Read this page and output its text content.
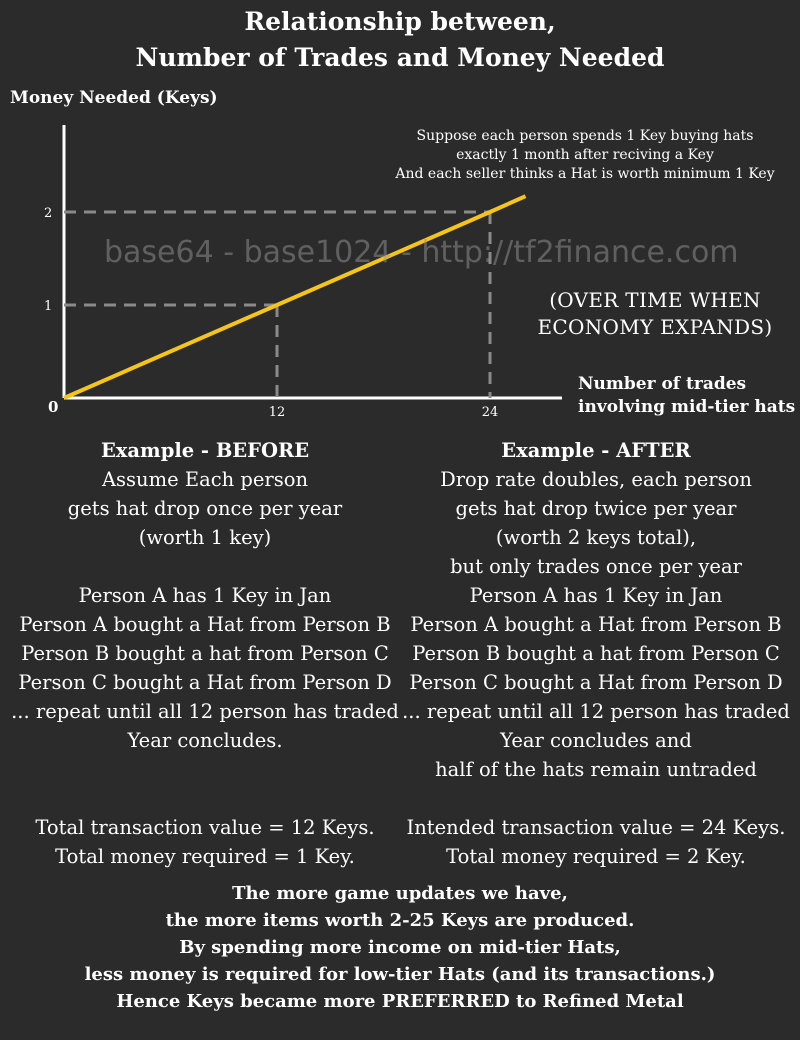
Relationship between,
Number of Trades and Money Needed
Money Needed (Keys)
0	12	24
1
2
base64 - base1024 - http://tf2finance.com
Suppose each person spends 1 Key buying hats
exactly 1 month after reciving a Key
And each seller thinks a Hat is worth minimum 1 Key
(OVER TIME WHEN
ECONOMY EXPANDS)
Number of trades
involving mid-tier hats
Example - BEFORE
Assume Each person
gets hat drop once per year
(worth 1 key)
Person A has 1 Key in Jan
Person A bought a Hat from Person B
Person B bought a hat from Person C
Person C bought a Hat from Person D
... repeat until all 12 person has traded
Year concludes.
Total transaction value = 12 Keys.
Total money required = 1 Key.
Example - AFTER
Drop rate doubles, each person
gets hat drop twice per year
(worth 2 keys total),
but only trades once per year
Person A has 1 Key in Jan
Person A bought a Hat from Person B
Person B bought a hat from Person C
Person C bought a Hat from Person D
... repeat until all 12 person has traded
Year concludes and
half of the hats remain untraded
Intended transaction value = 24 Keys.
Total money required = 2 Key.
The more game updates we have,
the more items worth 2-25 Keys are produced.
By spending more income on mid-tier Hats,
less money is required for low-tier Hats (and its transactions.)
Hence Keys became more PREFERRED to Refined Metal
